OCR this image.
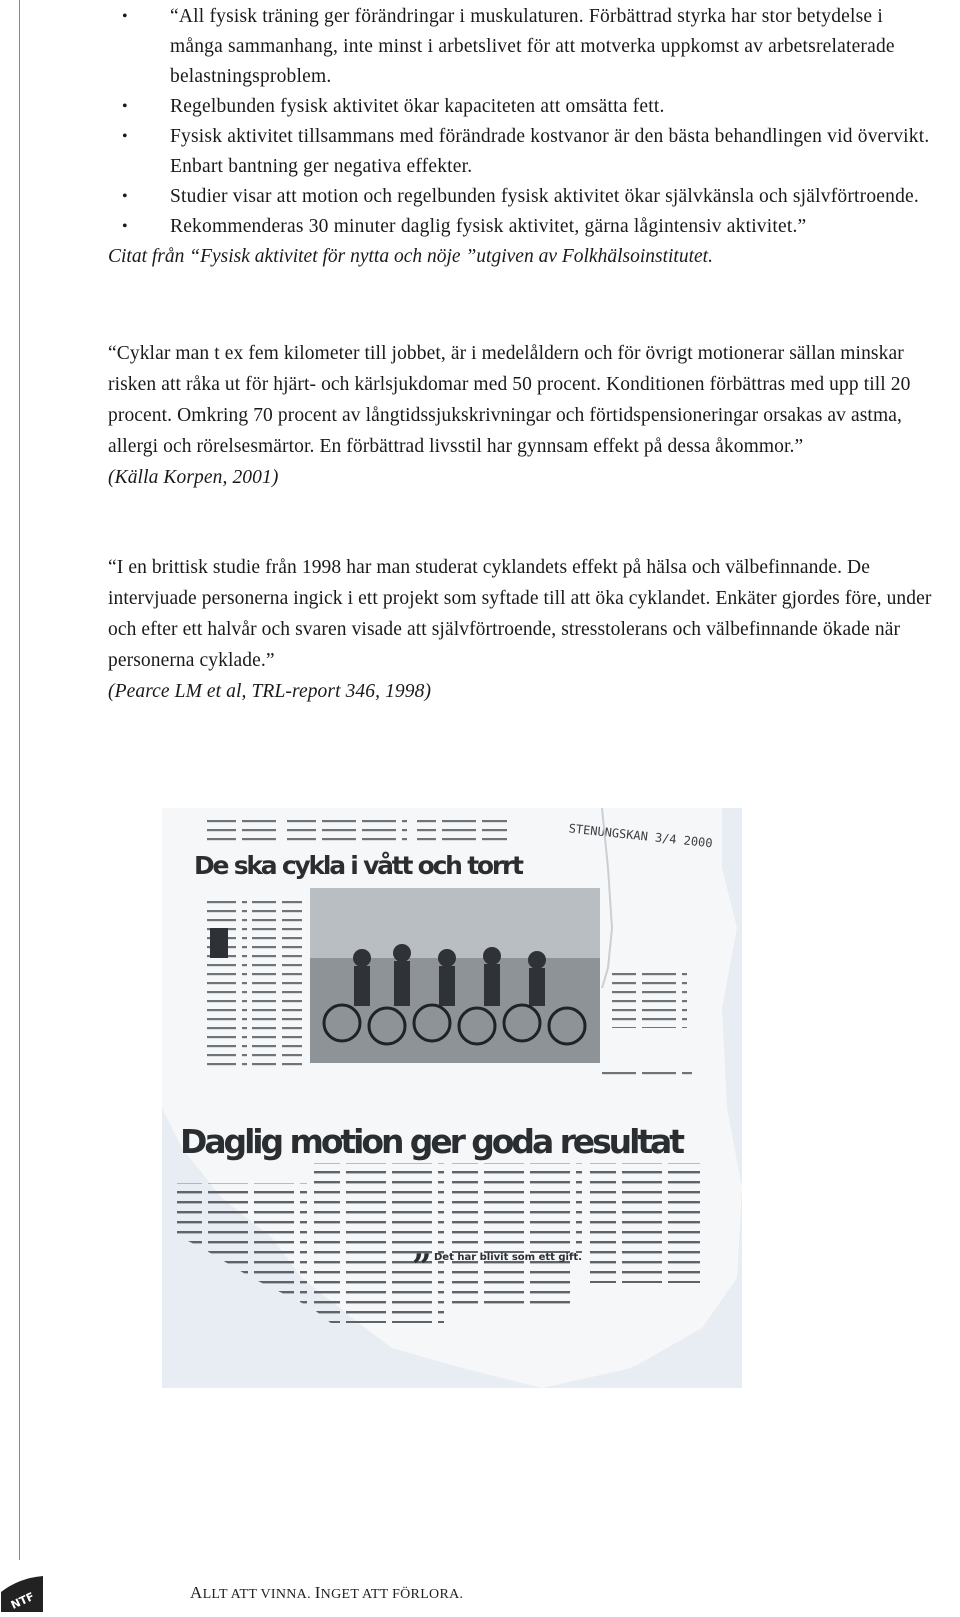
• “All fysisk träning ger förändringar i muskulaturen. Förbättrad styrka har stor betydelse i många sammanhang, inte minst i arbetslivet för att motverka uppkomst av arbetsrelaterade belastningsproblem.
• Regelbunden fysisk aktivitet ökar kapaciteten att omsätta fett.
• Fysisk aktivitet tillsammans med förändrade kostvanor är den bästa behandlingen vid övervikt. Enbart bantning ger negativa effekter.
• Studier visar att motion och regelbunden fysisk aktivitet ökar självkänsla och självförtroende.
• Rekommenderas 30 minuter daglig fysisk aktivitet, gärna lågintensiv aktivitet.”

Citat från “Fysisk aktivitet för nytta och nöje ”utgiven av Folkhälsoinstitutet.

“Cyklar man t ex fem kilometer till jobbet, är i medelåldern och för övrigt motionerar sällan minskar risken att råka ut för hjärt- och kärlsjukdomar med 50 procent. Konditionen förbättras med upp till 20 procent. Omkring 70 procent av långtidssjukskrivningar och förtidspensioneringar orsakas av astma, allergi och rörelsesmärtor. En förbättrad livsstil har gynnsam effekt på dessa åkommor.”

(Källa Korpen, 2001)

“I en brittisk studie från 1998 har man studerat cyklandets effekt på hälsa och välbefinnande. De intervjuade personerna ingick i ett projekt som syftade till att öka cyklandet. Enkäter gjordes före, under och efter ett halvår och svaren visade att självförtroende, stresstolerans och välbefinnande ökade när personerna cyklade.”

(Pearce LM et al, TRL-report 346, 1998)

De ska cykla i vått och torrt
STENUNGSKAN 3/4 2000
Daglig motion ger goda resultat
” Det har blivit som ett gift.
NTF	ALLT ATT VINNA. INGET ATT FÖRLORA.
